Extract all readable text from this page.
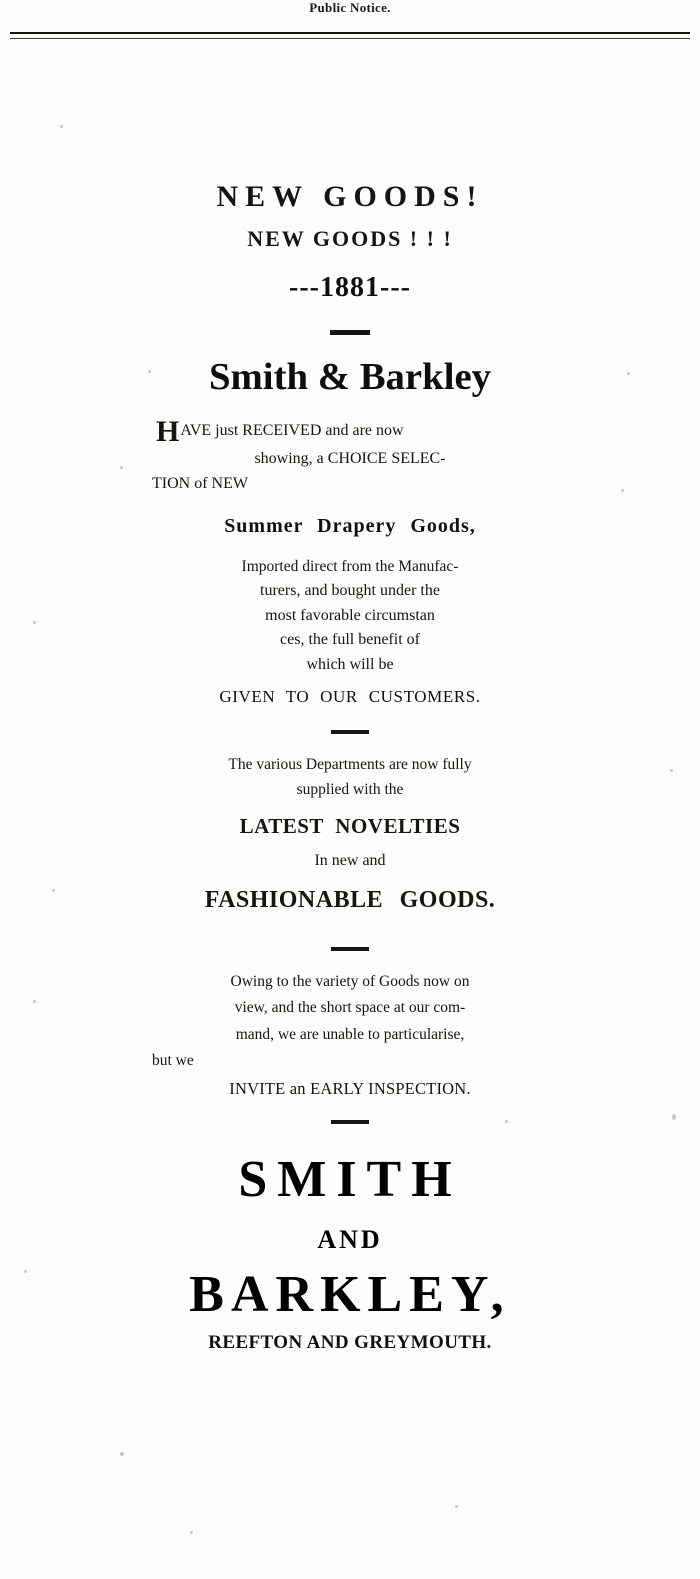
Public Notice.
NEW GOODS!
NEW GOODS ! ! !
---1881---
Smith & Barkley
HAVE just RECEIVED and are now
showing, a CHOICE SELEC-
TION of NEW
Summer Drapery Goods,
Imported direct from the Manufac-
turers, and bought under the
most favorable circumstan
ces, the full benefit of
which will be
GIVEN TO OUR CUSTOMERS.
The various Departments are now fully
supplied with the
LATEST NOVELTIES
In new and
FASHIONABLE GOODS.
Owing to the variety of Goods now on
view, and the short space at our com-
mand, we are unable to particularise,
but we
INVITE an EARLY INSPECTION.
SMITH
AND
BARKLEY,
REEFTON AND GREYMOUTH.
